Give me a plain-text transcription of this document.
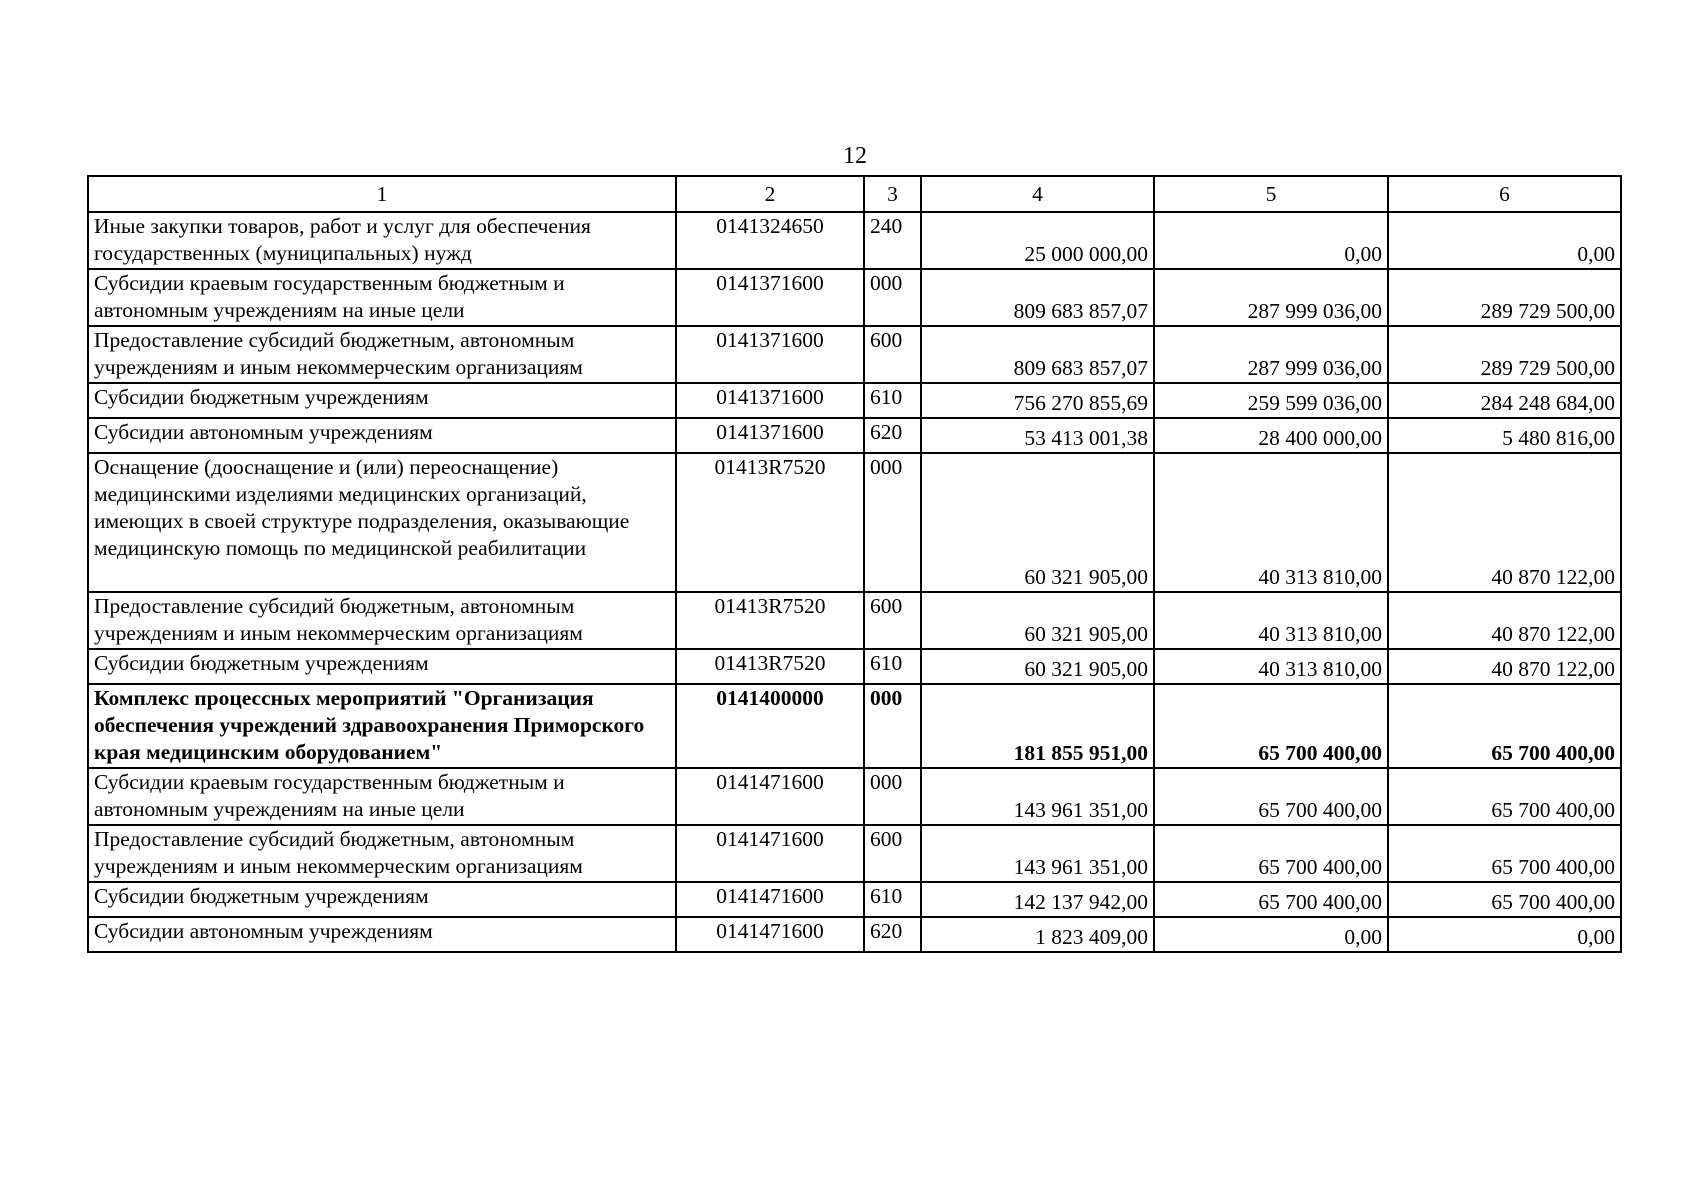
12
1	2	3	4	5	6
Иные закупки товаров, работ и услуг для обеспечения государственных (муниципальных) нужд	0141324650	240	25 000 000,00	0,00	0,00
Субсидии краевым государственным бюджетным и автономным учреждениям на иные цели	0141371600	000	809 683 857,07	287 999 036,00	289 729 500,00
Предоставление субсидий бюджетным, автономным учреждениям и иным некоммерческим организациям	0141371600	600	809 683 857,07	287 999 036,00	289 729 500,00
Субсидии бюджетным учреждениям	0141371600	610	756 270 855,69	259 599 036,00	284 248 684,00
Субсидии автономным учреждениям	0141371600	620	53 413 001,38	28 400 000,00	5 480 816,00
Оснащение (дооснащение и (или) переоснащение) медицинскими изделиями медицинских организаций, имеющих в своей структуре подразделения, оказывающие медицинскую помощь по медицинской реабилитации	01413R7520	000	60 321 905,00	40 313 810,00	40 870 122,00
Предоставление субсидий бюджетным, автономным учреждениям и иным некоммерческим организациям	01413R7520	600	60 321 905,00	40 313 810,00	40 870 122,00
Субсидии бюджетным учреждениям	01413R7520	610	60 321 905,00	40 313 810,00	40 870 122,00
Комплекс процессных мероприятий "Организация обеспечения учреждений здравоохранения Приморского края медицинским оборудованием"	0141400000	000	181 855 951,00	65 700 400,00	65 700 400,00
Субсидии краевым государственным бюджетным и автономным учреждениям на иные цели	0141471600	000	143 961 351,00	65 700 400,00	65 700 400,00
Предоставление субсидий бюджетным, автономным учреждениям и иным некоммерческим организациям	0141471600	600	143 961 351,00	65 700 400,00	65 700 400,00
Субсидии бюджетным учреждениям	0141471600	610	142 137 942,00	65 700 400,00	65 700 400,00
Субсидии автономным учреждениям	0141471600	620	1 823 409,00	0,00	0,00
